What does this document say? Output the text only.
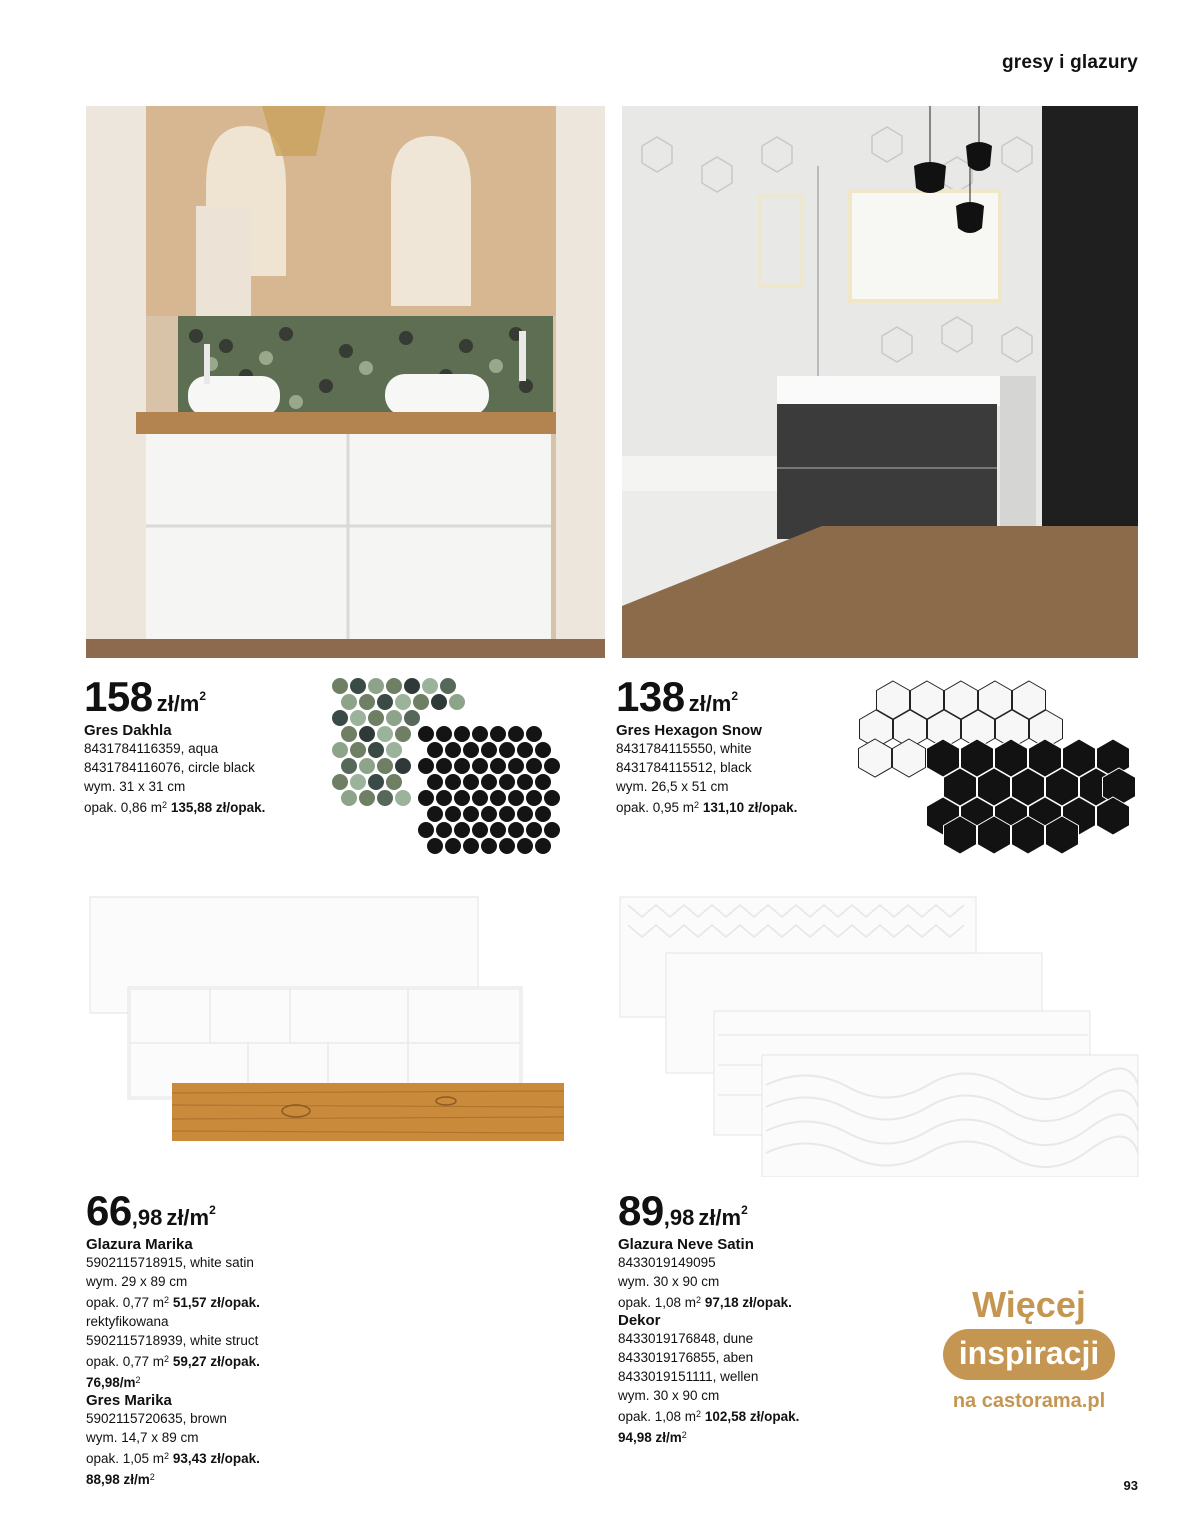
gresy i glazury
158 $zł/m^2$
Gres Dakhla
8431784116359, aqua
8431784116076, circle black
wym. 31 x 31 cm
opak. 0,86 $m^2$ 135,88 zł/opak.
138 $zł/m^2$
Gres Hexagon Snow
8431784115550, white
8431784115512, black
wym. 26,5 x 51 cm
opak. 0,95 $m^2$ 131,10 zł/opak.
66,98 $zł/m^2$
Glazura Marika
5902115718915, white satin
wym. 29 x 89 cm
opak. 0,77 $m^2$ 51,57 zł/opak.
rektyfikowana
5902115718939, white struct
opak. 0,77 $m^2$ 59,27 zł/opak.
$76,98/m^2$
Gres Marika
5902115720635, brown
wym. 14,7 x 89 cm
opak. 1,05 $m^2$ 93,43 zł/opak.
88,98 $zł/m^2$
89,98 $zł/m^2$
Glazura Neve Satin
8433019149095
wym. 30 x 90 cm
opak. 1,08 $m^2$ 97,18 zł/opak.
Dekor
8433019176848, dune
8433019176855, aben
8433019151111, wellen
wym. 30 x 90 cm
opak. 1,08 $m^2$ 102,58 zł/opak.
94,98 $zł/m^2$
Więcej
inspiracji
na castorama.pl
93
